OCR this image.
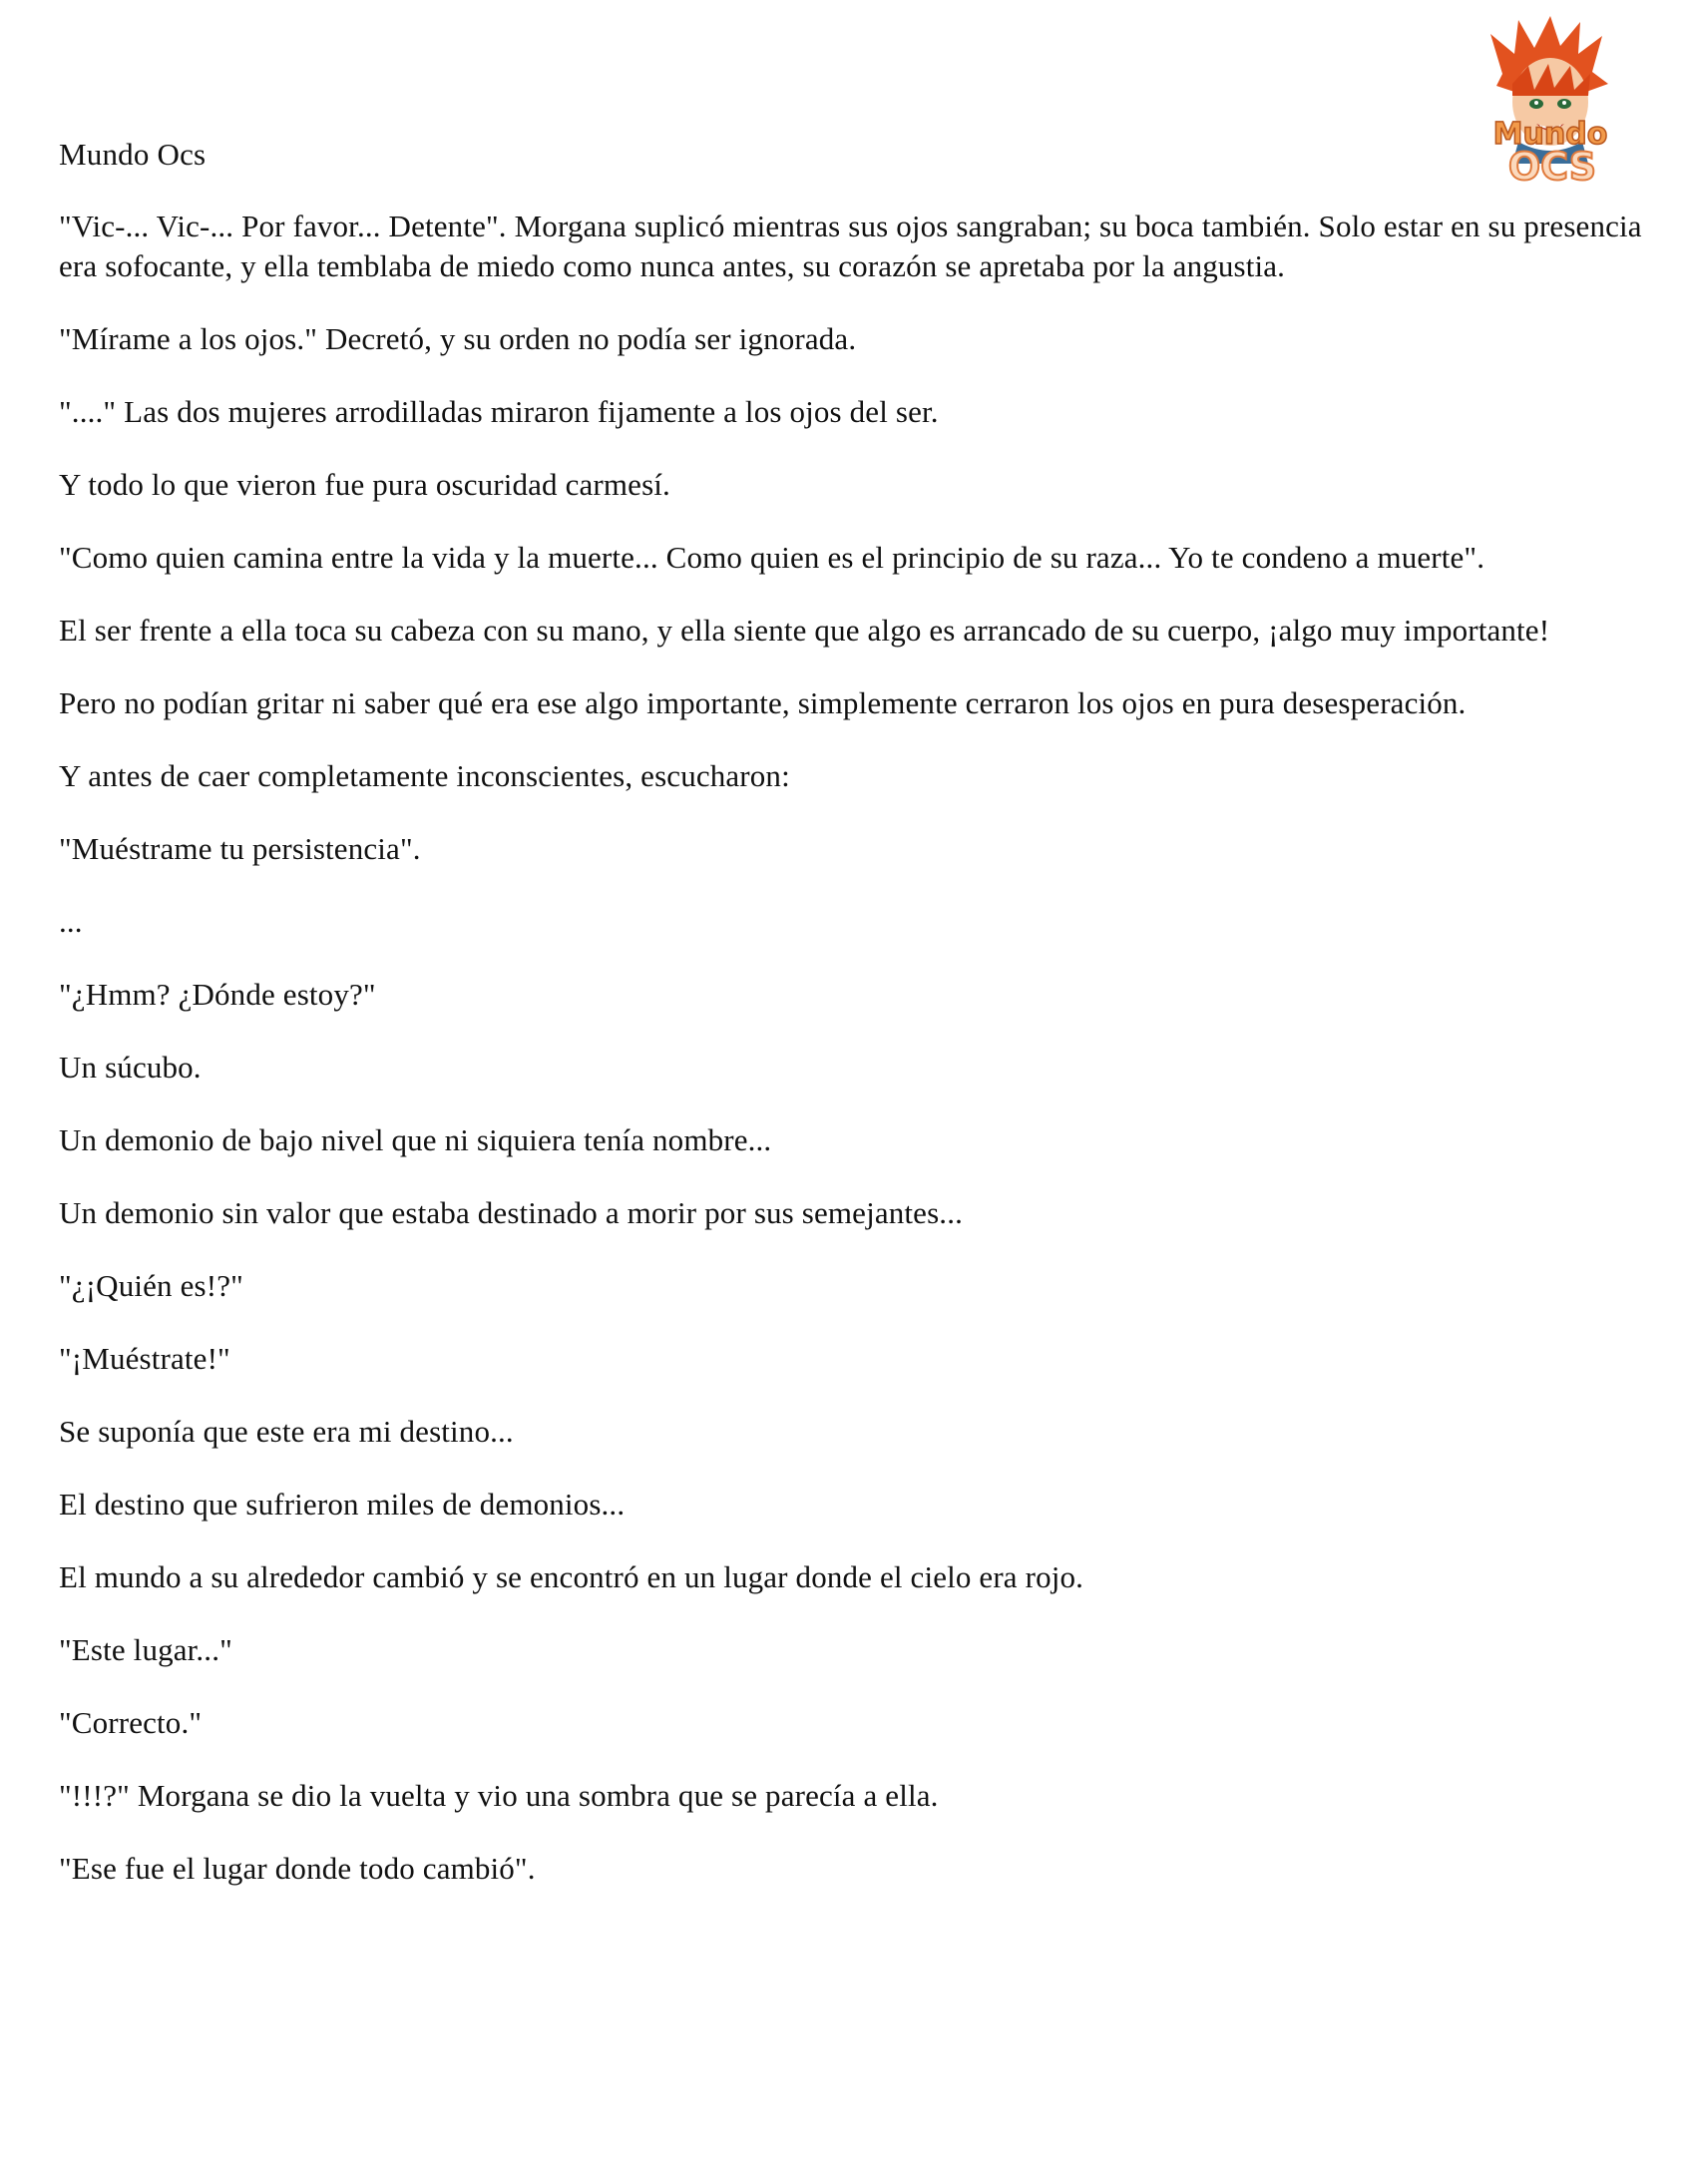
Mundo Ocs
Mundo
OCS

"Vic-... Vic-... Por favor... Detente". Morgana suplicó mientras sus ojos sangraban; su boca también. Solo estar en su presencia era sofocante, y ella temblaba de miedo como nunca antes, su corazón se apretaba por la angustia.

"Mírame a los ojos." Decretó, y su orden no podía ser ignorada.

"...." Las dos mujeres arrodilladas miraron fijamente a los ojos del ser.

Y todo lo que vieron fue pura oscuridad carmesí.

"Como quien camina entre la vida y la muerte... Como quien es el principio de su raza... Yo te condeno a muerte".

El ser frente a ella toca su cabeza con su mano, y ella siente que algo es arrancado de su cuerpo, ¡algo muy importante!

Pero no podían gritar ni saber qué era ese algo importante, simplemente cerraron los ojos en pura desesperación.

Y antes de caer completamente inconscientes, escucharon:

"Muéstrame tu persistencia".

...

"¿Hmm? ¿Dónde estoy?"

Un súcubo.

Un demonio de bajo nivel que ni siquiera tenía nombre...

Un demonio sin valor que estaba destinado a morir por sus semejantes...

"¿¡Quién es!?"

"¡Muéstrate!"

Se suponía que este era mi destino...

El destino que sufrieron miles de demonios...

El mundo a su alrededor cambió y se encontró en un lugar donde el cielo era rojo.

"Este lugar..."

"Correcto."

"!!!?" Morgana se dio la vuelta y vio una sombra que se parecía a ella.

"Ese fue el lugar donde todo cambió".
